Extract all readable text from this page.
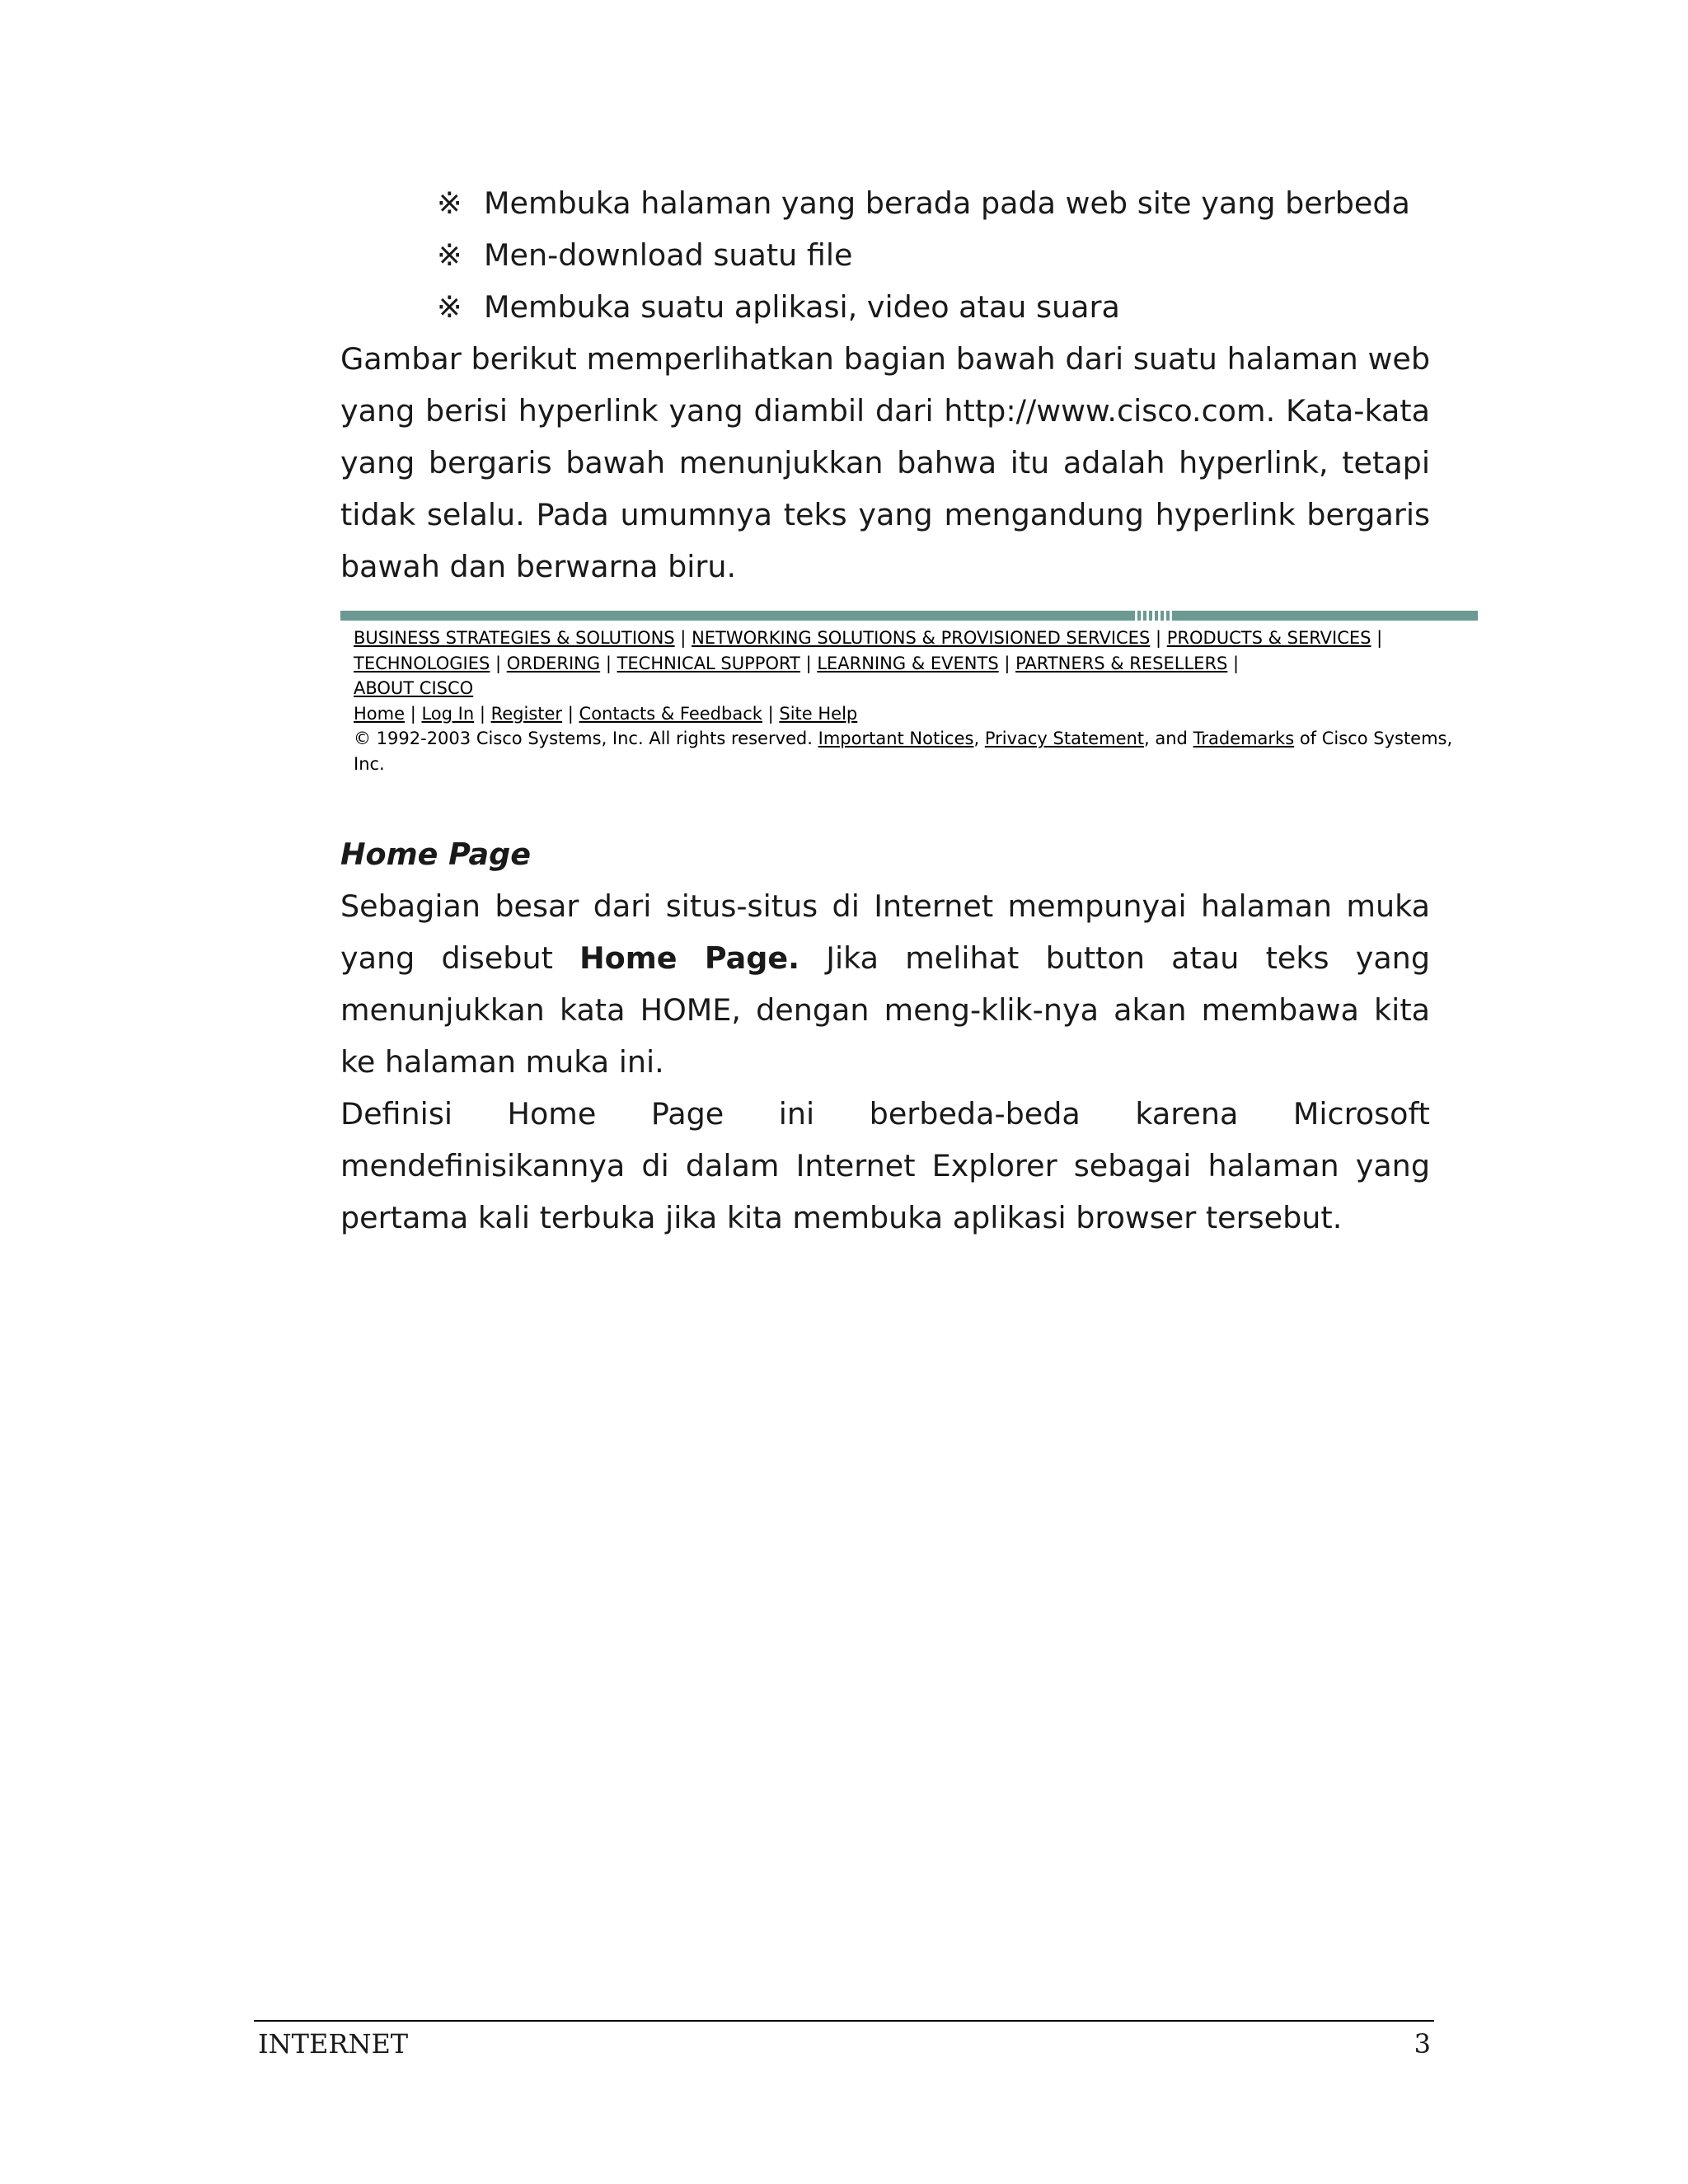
※ Membuka halaman yang berada pada web site yang berbeda
※ Men-download suatu file
※ Membuka suatu aplikasi, video atau suara

Gambar berikut memperlihatkan bagian bawah dari suatu halaman web yang berisi hyperlink yang diambil dari http://www.cisco.com. Kata-kata yang bergaris bawah menunjukkan bahwa itu adalah hyperlink, tetapi tidak selalu. Pada umumnya teks yang mengandung hyperlink bergaris bawah dan berwarna biru.

BUSINESS STRATEGIES & SOLUTIONS | NETWORKING SOLUTIONS & PROVISIONED SERVICES | PRODUCTS & SERVICES | TECHNOLOGIES | ORDERING | TECHNICAL SUPPORT | LEARNING & EVENTS | PARTNERS & RESELLERS |
ABOUT CISCO
Home | Log In | Register | Contacts & Feedback | Site Help
© 1992-2003 Cisco Systems, Inc. All rights reserved. Important Notices, Privacy Statement, and Trademarks of Cisco Systems, Inc.
Home Page

Sebagian besar dari situs-situs di Internet mempunyai halaman muka yang disebut Home Page. Jika melihat button atau teks yang menunjukkan kata HOME, dengan meng-klik-nya akan membawa kita ke halaman muka ini.

Definisi Home Page ini berbeda-beda karena Microsoft mendefinisikannya di dalam Internet Explorer sebagai halaman yang pertama kali terbuka jika kita membuka aplikasi browser tersebut.

INTERNET	3
